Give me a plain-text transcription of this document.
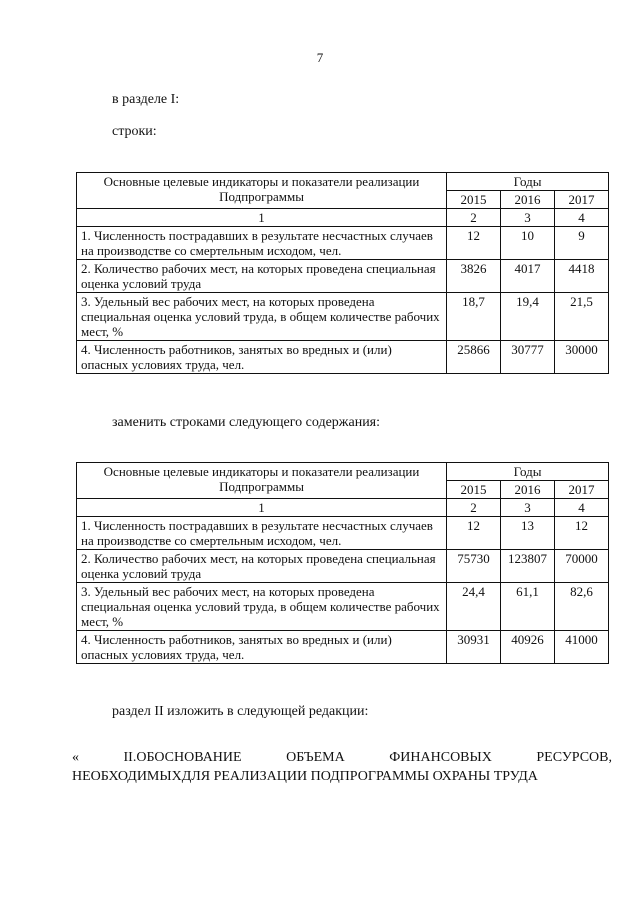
7
в разделе I:
строки:
Основные целевые индикаторы и показатели реализации Подпрограммы	Годы		
	2015	2016	2017
1	2	3	4
1. Численность пострадавших в результате несчастных случаев на производстве со смертельным исходом, чел.	12	10	9
2. Количество рабочих мест, на которых проведена специальная оценка условий труда	3826	4017	4418
3. Удельный вес рабочих мест, на которых проведена специальная оценка условий труда, в общем количестве рабочих мест, %	18,7	19,4	21,5
4. Численность работников, занятых во вредных и (или) опасных условиях труда, чел.	25866	30777	30000
заменить строками следующего содержания:
Основные целевые индикаторы и показатели реализации Подпрограммы	Годы		
	2015	2016	2017
1	2	3	4
1. Численность пострадавших в результате несчастных случаев на производстве со смертельным исходом, чел.	12	13	12
2. Количество рабочих мест, на которых проведена специальная оценка условий труда	75730	123807	70000
3. Удельный вес рабочих мест, на которых проведена специальная оценка условий труда, в общем количестве рабочих мест, %	24,4	61,1	82,6
4. Численность работников, занятых во вредных и (или) опасных условиях труда, чел.	30931	40926	41000
раздел II изложить в следующей редакции:
« II.ОБОСНОВАНИЕ ОБЪЕМА ФИНАНСОВЫХ РЕСУРСОВ,
НЕОБХОДИМЫХДЛЯ РЕАЛИЗАЦИИ ПОДПРОГРАММЫ ОХРАНЫ ТРУДА
